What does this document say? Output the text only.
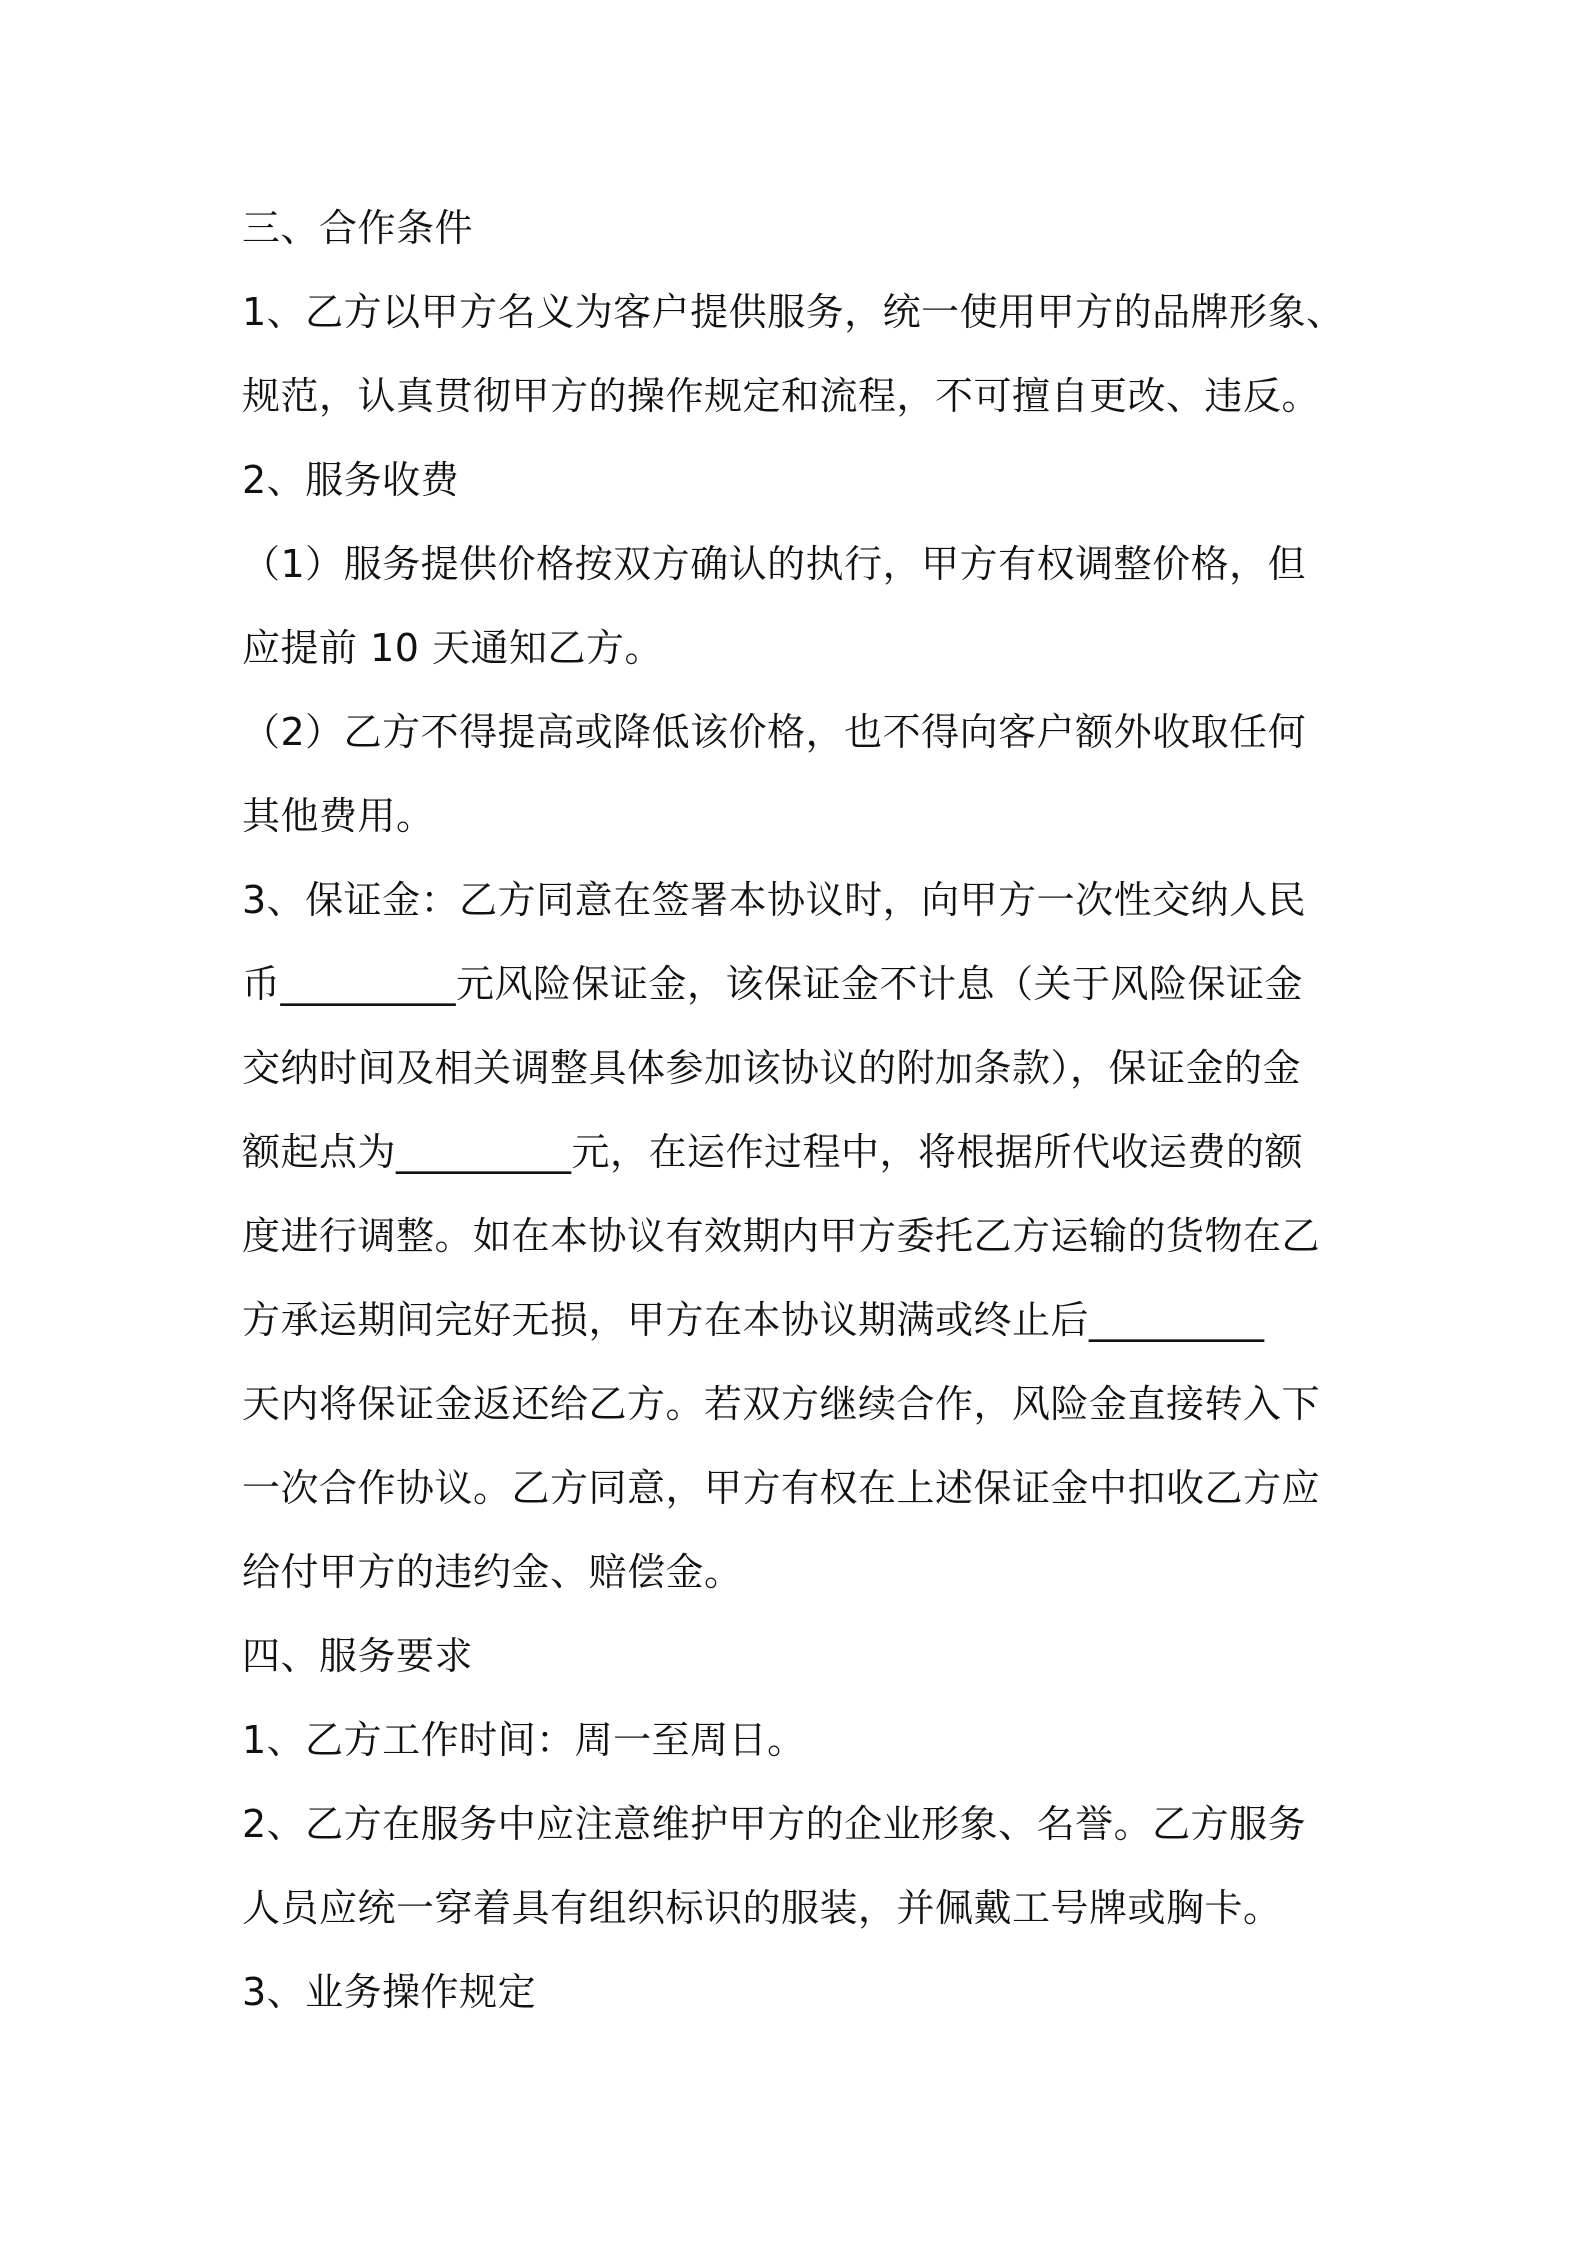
三、合作条件

1、乙方以甲方名义为客户提供服务，统一使用甲方的品牌形象、

规范，认真贯彻甲方的操作规定和流程，不可擅自更改、违反。

2、服务收费

（1）服务提供价格按双方确认的执行，甲方有权调整价格，但

应提前 10 天通知乙方。

（2）乙方不得提高或降低该价格，也不得向客户额外收取任何

其他费用。

3、保证金：乙方同意在签署本协议时，向甲方一次性交纳人民

币_________元风险保证金，该保证金不计息（关于风险保证金

交纳时间及相关调整具体参加该协议的附加条款），保证金的金

额起点为_________元，在运作过程中，将根据所代收运费的额

度进行调整。如在本协议有效期内甲方委托乙方运输的货物在乙

方承运期间完好无损，甲方在本协议期满或终止后_________

天内将保证金返还给乙方。若双方继续合作，风险金直接转入下

一次合作协议。乙方同意，甲方有权在上述保证金中扣收乙方应

给付甲方的违约金、赔偿金。

四、服务要求

1、乙方工作时间：周一至周日。

2、乙方在服务中应注意维护甲方的企业形象、名誉。乙方服务

人员应统一穿着具有组织标识的服装，并佩戴工号牌或胸卡。

3、业务操作规定
